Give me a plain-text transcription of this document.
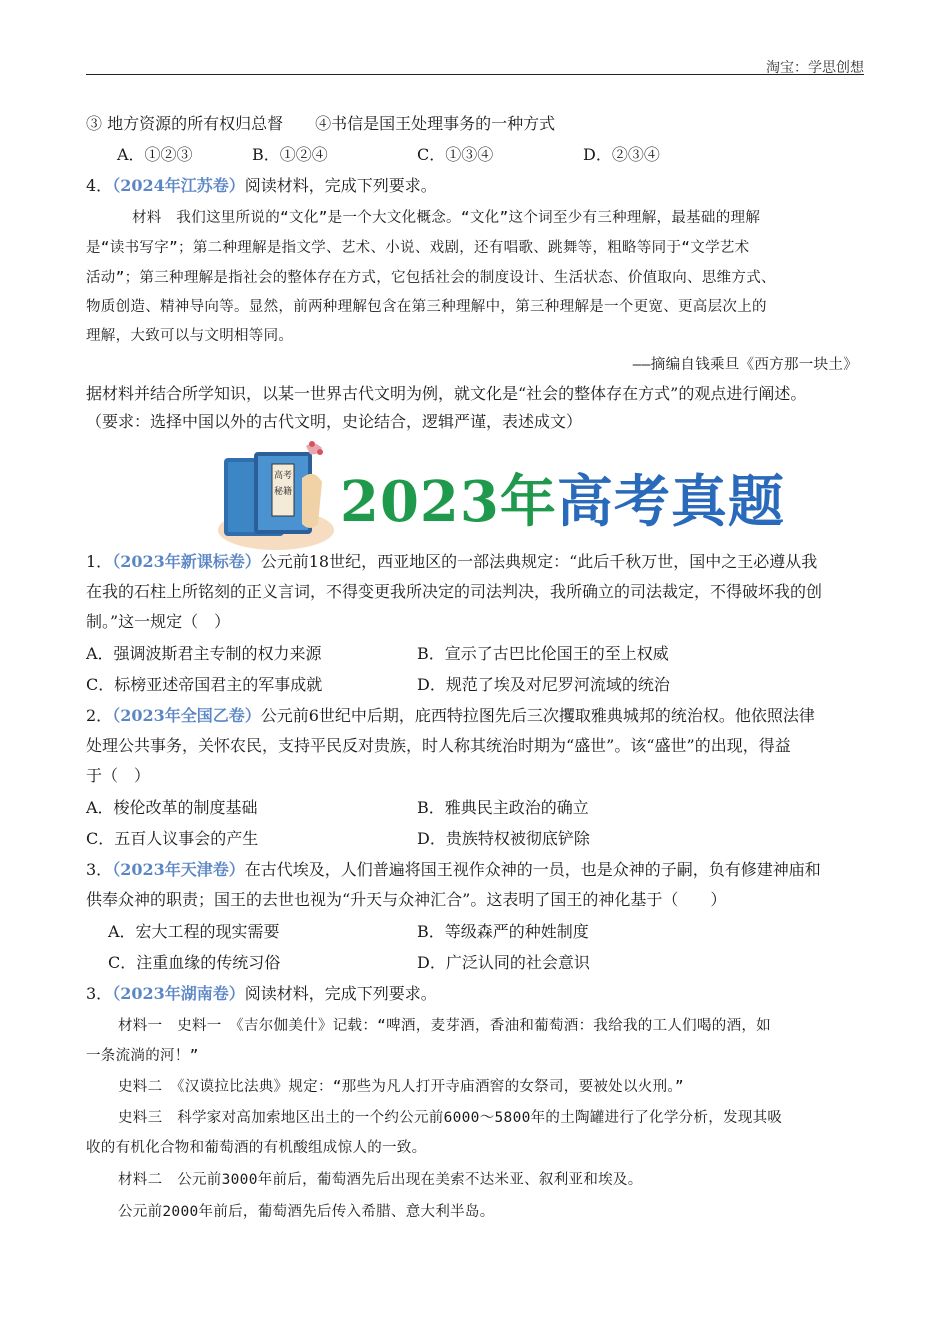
淘宝：学思创想
③ 地方资源的所有权归总督　　④书信是国王处理事务的一种方式
A．①②③	B．①②④	C．①③④	D．②③④
4．（2024年江苏卷）阅读材料，完成下列要求。
材料　我们这里所说的“文化”是一个大文化概念。“文化”这个词至少有三种理解，最基础的理解
是“读书写字”；第二种理解是指文学、艺术、小说、戏剧，还有唱歌、跳舞等，粗略等同于“文学艺术
活动”；第三种理解是指社会的整体存在方式，它包括社会的制度设计、生活状态、价值取向、思维方式、
物质创造、精神导向等。显然，前两种理解包含在第三种理解中，第三种理解是一个更宽、更高层次上的
理解，大致可以与文明相等同。
——摘编自钱乘旦《西方那一块土》
据材料并结合所学知识，以某一世界古代文明为例，就文化是“社会的整体存在方式”的观点进行阐述。
（要求：选择中国以外的古代文明，史论结合，逻辑严谨，表述成文）
高考
秘籍 2023年高考真题
1．（2023年新课标卷）公元前18世纪，西亚地区的一部法典规定：“此后千秋万世，国中之王必遵从我
在我的石柱上所铭刻的正义言词，不得变更我所决定的司法判决，我所确立的司法裁定，不得破坏我的创
制。”这一规定（　）
A．强调波斯君主专制的权力来源	B．宣示了古巴比伦国王的至上权威
C．标榜亚述帝国君主的军事成就	D．规范了埃及对尼罗河流域的统治
2．（2023年全国乙卷）公元前6世纪中后期，庇西特拉图先后三次攫取雅典城邦的统治权。他依照法律
处理公共事务，关怀农民，支持平民反对贵族，时人称其统治时期为“盛世”。该“盛世”的出现，得益
于（　）
A．梭伦改革的制度基础	B．雅典民主政治的确立
C．五百人议事会的产生	D．贵族特权被彻底铲除
3．（2023年天津卷）在古代埃及，人们普遍将国王视作众神的一员，也是众神的子嗣，负有修建神庙和
供奉众神的职责；国王的去世也视为“升天与众神汇合”。这表明了国王的神化基于（　　）
A．宏大工程的现实需要	B．等级森严的种姓制度
C．注重血缘的传统习俗	D．广泛认同的社会意识
3．（2023年湖南卷）阅读材料，完成下列要求。
材料一　史料一　《吉尔伽美什》记载：“啤酒，麦芽酒，香油和葡萄酒：我给我的工人们喝的酒，如
一条流淌的河！”
史料二　《汉谟拉比法典》规定：“那些为凡人打开寺庙酒窖的女祭司，要被处以火刑。”
史料三　科学家对高加索地区出土的一个约公元前6000～5800年的土陶罐进行了化学分析，发现其吸
收的有机化合物和葡萄酒的有机酸组成惊人的一致。
材料二　公元前3000年前后，葡萄酒先后出现在美索不达米亚、叙利亚和埃及。
公元前2000年前后，葡萄酒先后传入希腊、意大利半岛。
